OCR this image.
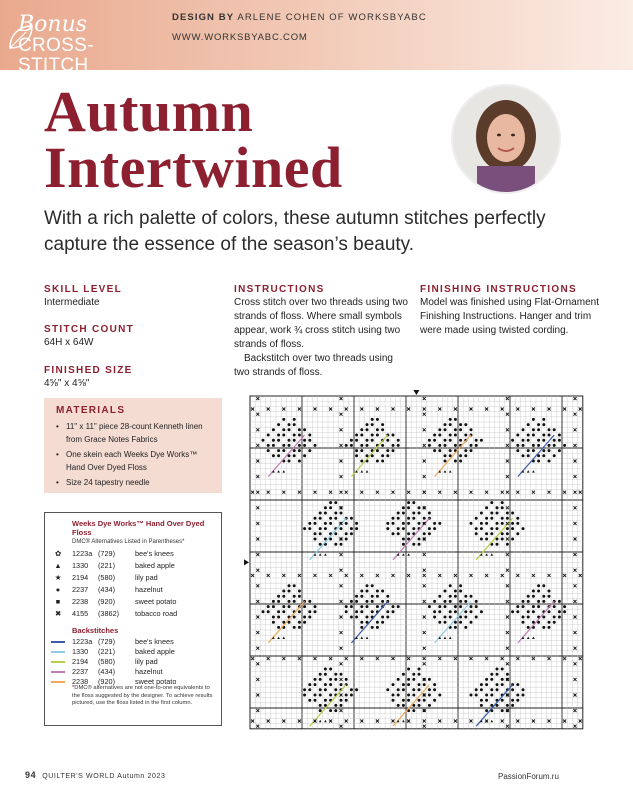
Bonus
CROSS-STITCH
DESIGN BY ARLENE COHEN OF WORKSBYABC
WWW.WORKSBYABC.COM
Autumn
Intertwined
With a rich palette of colors, these autumn stitches perfectly capture the essence of the season’s beauty.
SKILL LEVEL
Intermediate
STITCH COUNT
64H x 64W
FINISHED SIZE
4⅝" x 4⅝"
MATERIALS
• 11" x 11" piece 28-count Kenneth linen from Grace Notes Fabrics
• One skein each Weeks Dye Works™ Hand Over Dyed Floss
• Size 24 tapestry needle
INSTRUCTIONS
Cross stitch over two threads using two strands of floss. Where small symbols appear, work ¾ cross stitch using two strands of floss.
Backstitch over two threads using two strands of floss.
FINISHING INSTRUCTIONS
Model was finished using Flat-Ornament Finishing Instructions. Hanger and trim were made using twisted cording.
Weeks Dye Works™ Hand Over Dyed Floss
DMC® Alternatives Listed in Parentheses*
Backstitches
*DMC® alternatives are not one-to-one equivalents to the floss suggested by the designer. To achieve results pictured, use the floss listed in the first column.
✿ 1223a (729)	bee's knees
▲ 1330 (221)	baked apple
★ 2194 (580)	lily pad
● 2237 (434)	hazelnut
■ 2238 (920)	sweet potato
✖ 4155 (3862) tobacco road
1223a (729)	bee's knees
1330 (221)	baked apple
2194 (580)	lily pad
2237 (434)	hazelnut
2238 (920)	sweet potato
94 QUILTER'S WORLD Autumn 2023	PassionForum.ru
